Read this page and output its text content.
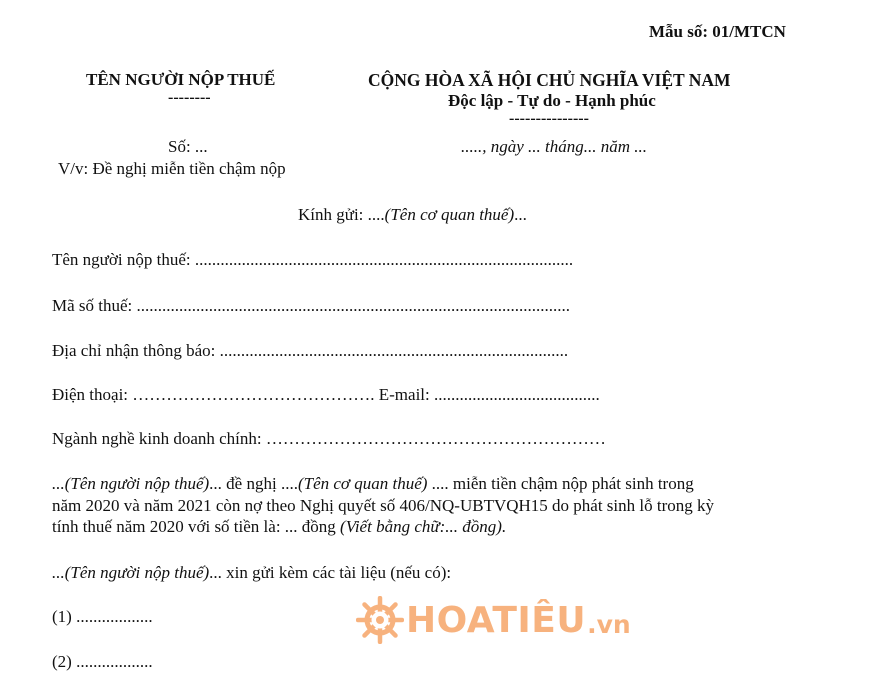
Mẫu số: 01/MTCN
TÊN NGƯỜI NỘP THUẾ
--------
Số: ...
V/v: Đề nghị miễn tiền chậm nộp
CỘNG HÒA XÃ HỘI CHỦ NGHĨA VIỆT NAM
Độc lập - Tự do - Hạnh phúc
---------------
....., ngày ... tháng... năm ...
Kính gửi: ....(Tên cơ quan thuế)...
Tên người nộp thuế: .........................................................................................
Mã số thuế: ......................................................................................................
Địa chỉ nhận thông báo: ..................................................................................
Điện thoại: ……………………………………. E-mail: .......................................
Ngành nghề kinh doanh chính: ……………………………………………………
...(Tên người nộp thuế)... đề nghị ....(Tên cơ quan thuế) .... miễn tiền chậm nộp phát sinh trong
năm 2020 và năm 2021 còn nợ theo Nghị quyết số 406/NQ-UBTVQH15 do phát sinh lỗ trong kỳ
tính thuế năm 2020 với số tiền là: ... đồng (Viết bằng chữ:... đồng).
...(Tên người nộp thuế)... xin gửi kèm các tài liệu (nếu có):
(1) ..................
(2) ..................
HOATIÊU .vn
